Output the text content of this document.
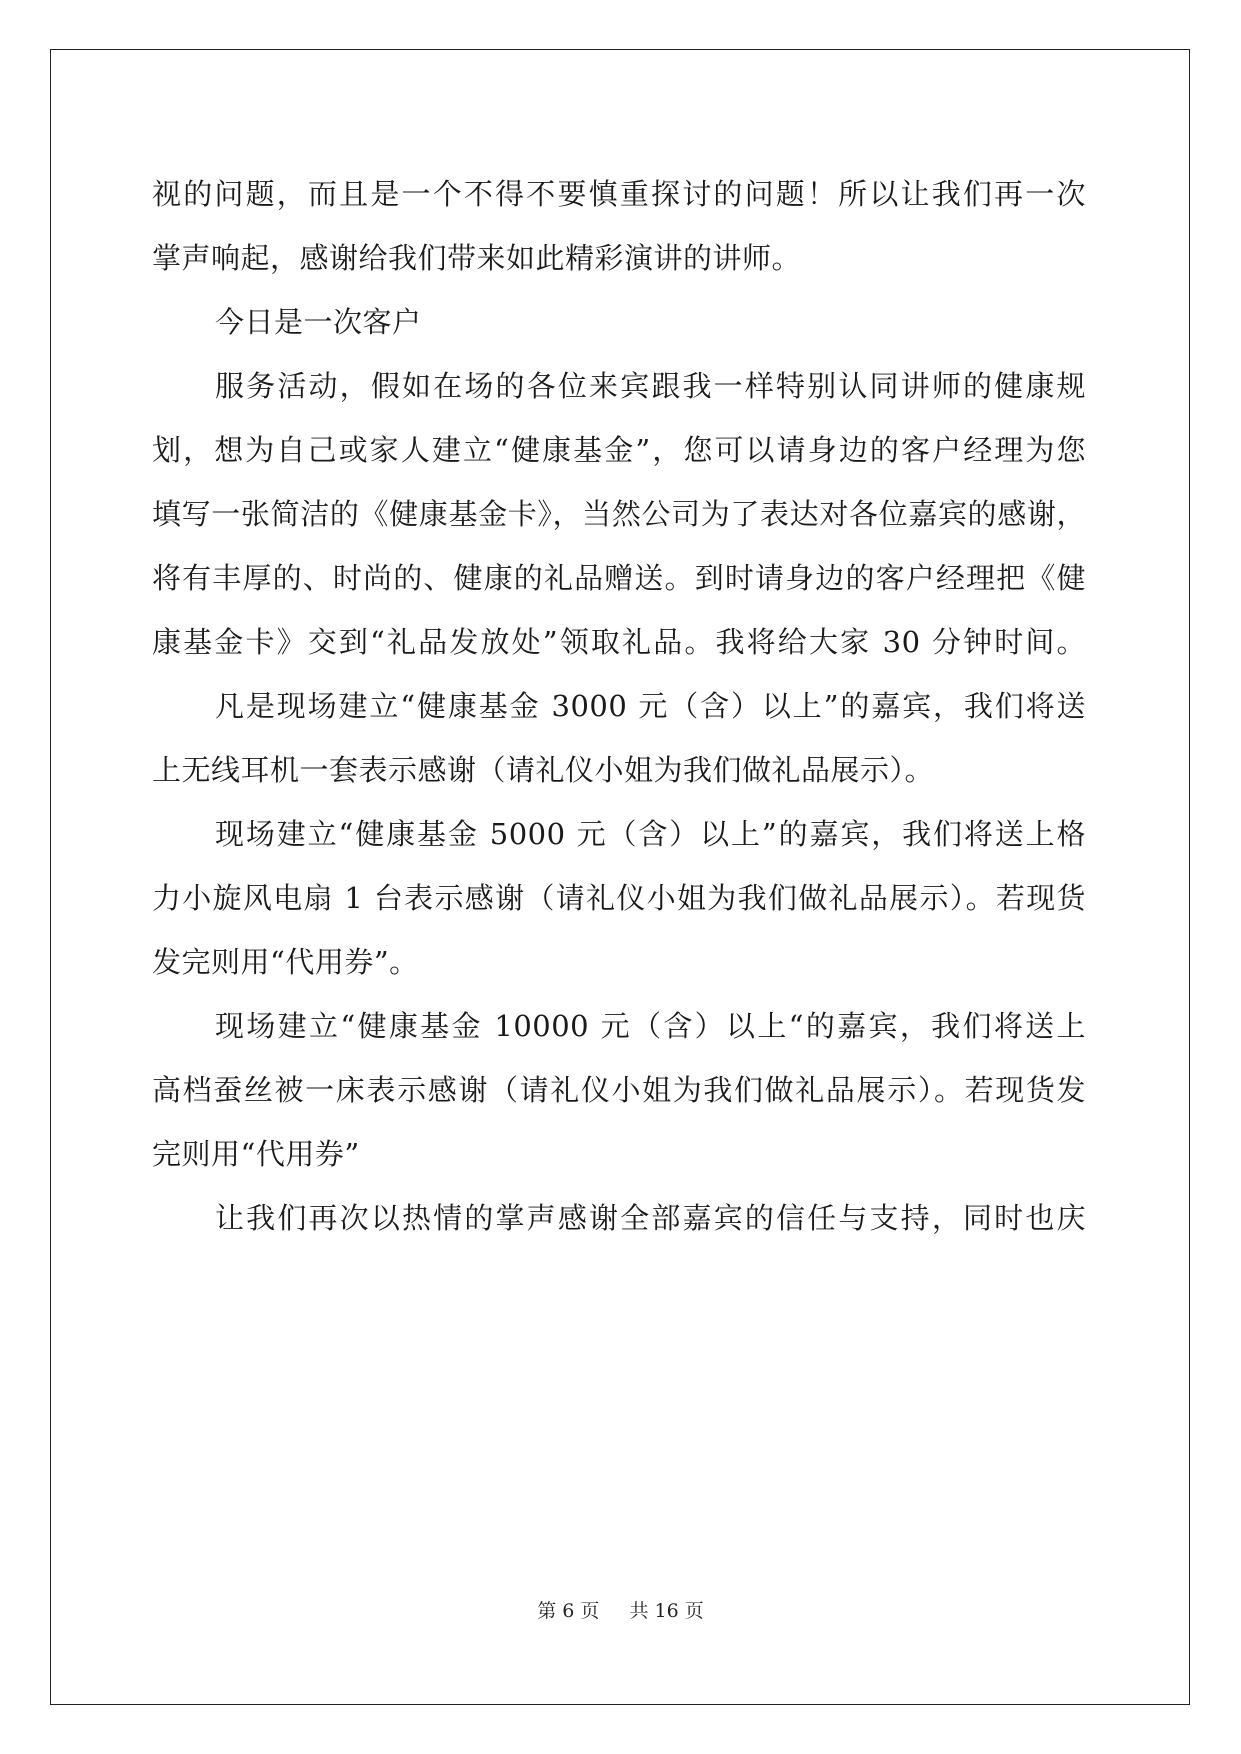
视的问题，而且是一个不得不要慎重探讨的问题！所以让我们再一次
掌声响起，感谢给我们带来如此精彩演讲的讲师。
今日是一次客户
服务活动，假如在场的各位来宾跟我一样特别认同讲师的健康规
划，想为自己或家人建立“健康基金”，您可以请身边的客户经理为您
填写一张简洁的《健康基金卡》，当然公司为了表达对各位嘉宾的感谢，
将有丰厚的、时尚的、健康的礼品赠送。到时请身边的客户经理把《健
康基金卡》交到“礼品发放处”领取礼品。我将给大家 30 分钟时间。
凡是现场建立“健康基金 3000 元（含）以上”的嘉宾，我们将送
上无线耳机一套表示感谢（请礼仪小姐为我们做礼品展示）。
现场建立“健康基金 5000 元（含）以上”的嘉宾，我们将送上格
力小旋风电扇 1 台表示感谢（请礼仪小姐为我们做礼品展示）。若现货
发完则用“代用券”。
现场建立“健康基金 10000 元（含）以上“的嘉宾，我们将送上
高档蚕丝被一床表示感谢（请礼仪小姐为我们做礼品展示）。若现货发
完则用“代用券”
让我们再次以热情的掌声感谢全部嘉宾的信任与支持，同时也庆
第 6 页 共 16 页
